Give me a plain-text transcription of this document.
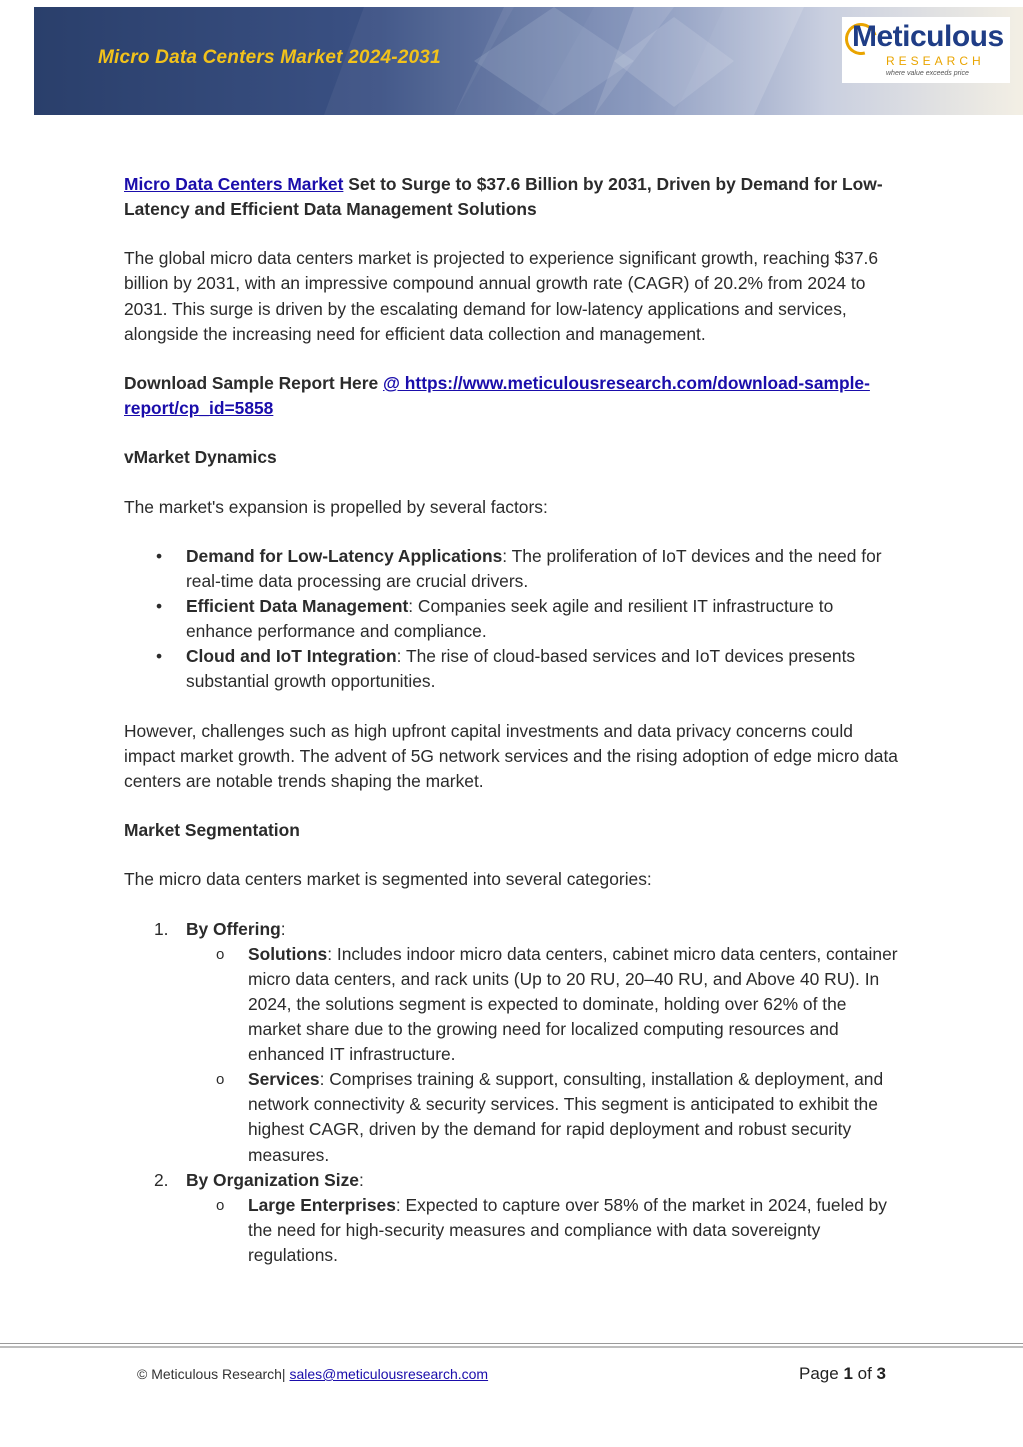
Micro Data Centers Market 2024-2031
Meticulous
RESEARCH
where value exceeds price

Micro Data Centers Market Set to Surge to $37.6 Billion by 2031, Driven by Demand for Low-Latency and Efficient Data Management Solutions

The global micro data centers market is projected to experience significant growth, reaching $37.6 billion by 2031, with an impressive compound annual growth rate (CAGR) of 20.2% from 2024 to 2031. This surge is driven by the escalating demand for low-latency applications and services, alongside the increasing need for efficient data collection and management.

Download Sample Report Here @ https://www.meticulousresearch.com/download-sample-report/cp_id=5858

vMarket Dynamics

The market's expansion is propelled by several factors:

• Demand for Low-Latency Applications: The proliferation of IoT devices and the need for real-time data processing are crucial drivers.
• Efficient Data Management: Companies seek agile and resilient IT infrastructure to enhance performance and compliance.
• Cloud and IoT Integration: The rise of cloud-based services and IoT devices presents substantial growth opportunities.

However, challenges such as high upfront capital investments and data privacy concerns could impact market growth. The advent of 5G network services and the rising adoption of edge micro data centers are notable trends shaping the market.

Market Segmentation

The micro data centers market is segmented into several categories:

1. By Offering:
o Solutions: Includes indoor micro data centers, cabinet micro data centers, container micro data centers, and rack units (Up to 20 RU, 20–40 RU, and Above 40 RU). In 2024, the solutions segment is expected to dominate, holding over 62% of the market share due to the growing need for localized computing resources and enhanced IT infrastructure.
o Services: Comprises training & support, consulting, installation & deployment, and network connectivity & security services. This segment is anticipated to exhibit the highest CAGR, driven by the demand for rapid deployment and robust security measures.
2. By Organization Size:
o Large Enterprises: Expected to capture over 58% of the market in 2024, fueled by the need for high-security measures and compliance with data sovereignty regulations.
© Meticulous Research| sales@meticulousresearch.com	Page 1 of 3
